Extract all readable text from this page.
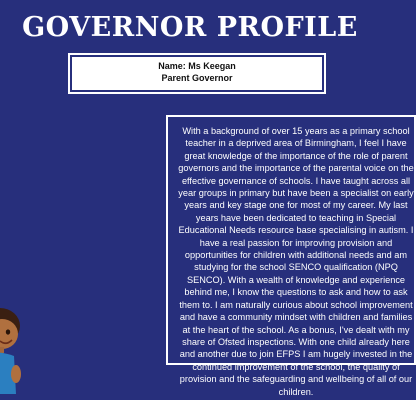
GOVERNOR PROFILE
Name: Ms Keegan
Parent Governor

With a background of over 15 years as a primary school teacher in a deprived area of Birmingham, I feel I have great knowledge of the importance of the role of parent governors and the importance of the parental voice on the effective governance of schools. I have taught across all year groups in primary but have been a specialist on early years and key stage one for most of my career. My last years have been dedicated to teaching in Special Educational Needs resource base specialising in autism. I have a real passion for improving provision and opportunities for children with additional needs and am studying for the school SENCO qualification (NPQ SENCO). With a wealth of knowledge and experience behind me, I know the questions to ask and how to ask them to. I am naturally curious about school improvement and have a community mindset with children and families at the heart of the school. As a bonus, I've dealt with my share of Ofsted inspections. With one child already here and another due to join EFPS I am hugely invested in the continued improvement of the school, the quality of provision and the safeguarding and wellbeing of all of our children.
